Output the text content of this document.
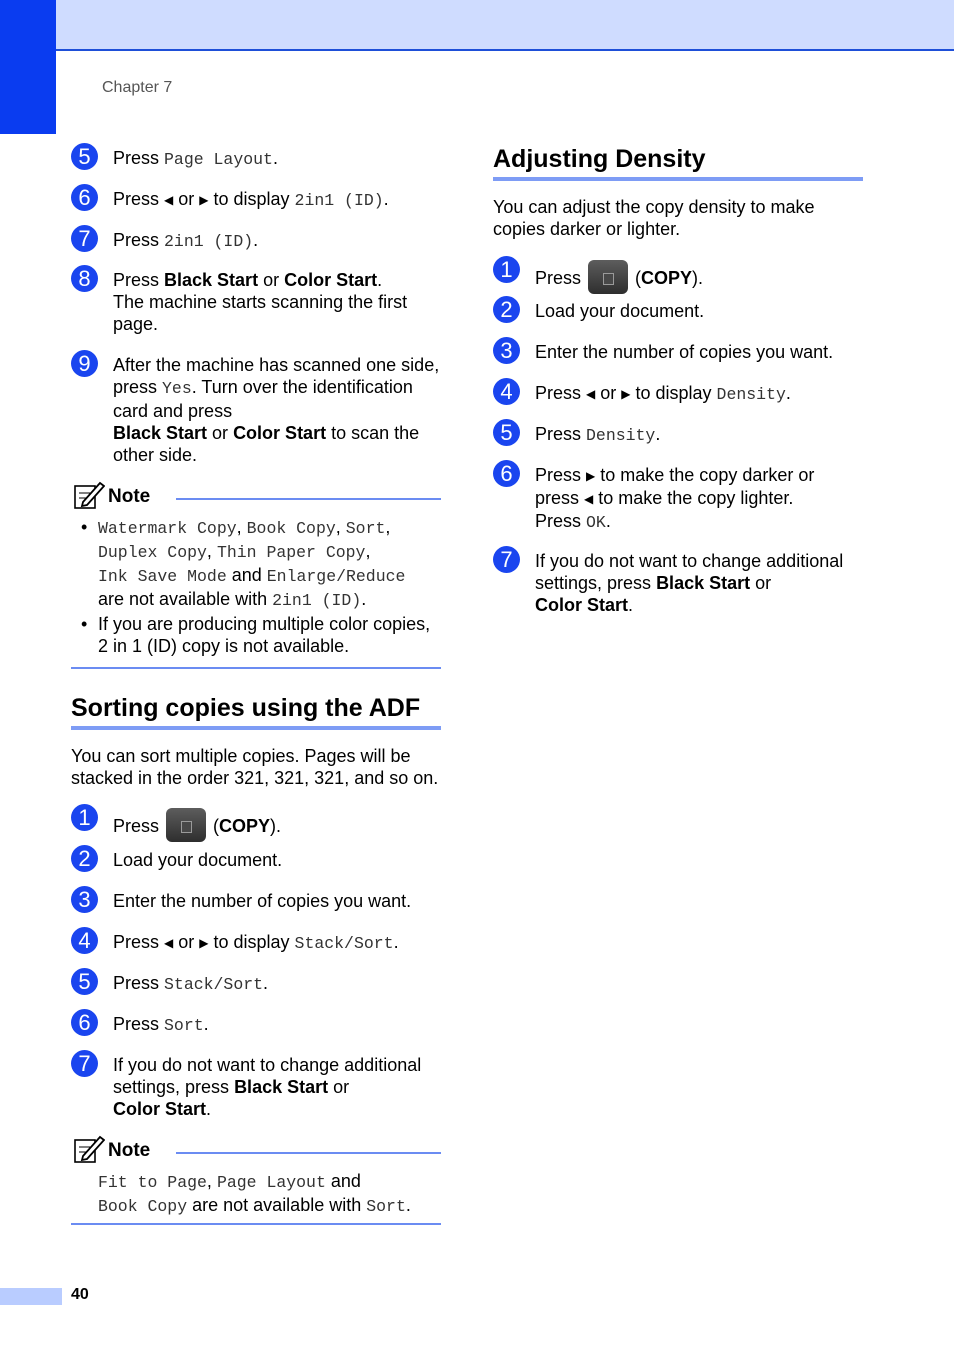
Chapter 7
5	Press Page Layout.
6	Press ◀ or ▶ to display 2in1 (ID).
7	Press 2in1 (ID).
8	Press Black Start or Color Start.
The machine starts scanning the first page.
9	After the machine has scanned one side, press Yes. Turn over the identification card and press
Black Start or Color Start to scan the other side.
Note
• Watermark Copy, Book Copy, Sort,
Duplex Copy, Thin Paper Copy,
Ink Save Mode and Enlarge/Reduce
are not available with 2in1 (ID).
• If you are producing multiple color copies, 2 in 1 (ID) copy is not available.
Sorting copies using the ADF
You can sort multiple copies. Pages will be stacked in the order 321, 321, 321, and so on.
1	Press  (COPY).
2	Load your document.
3	Enter the number of copies you want.
4	Press ◀ or ▶ to display Stack/Sort.
5	Press Stack/Sort.
6	Press Sort.
7	If you do not want to change additional settings, press Black Start or
Color Start.
Note
Fit to Page, Page Layout and
Book Copy are not available with Sort.
Adjusting Density
You can adjust the copy density to make copies darker or lighter.
1	Press  (COPY).
2	Load your document.
3	Enter the number of copies you want.
4	Press ◀ or ▶ to display Density.
5	Press Density.
6	Press ▶ to make the copy darker or
press ◀ to make the copy lighter.
Press OK.
7	If you do not want to change additional settings, press Black Start or
Color Start.
40
